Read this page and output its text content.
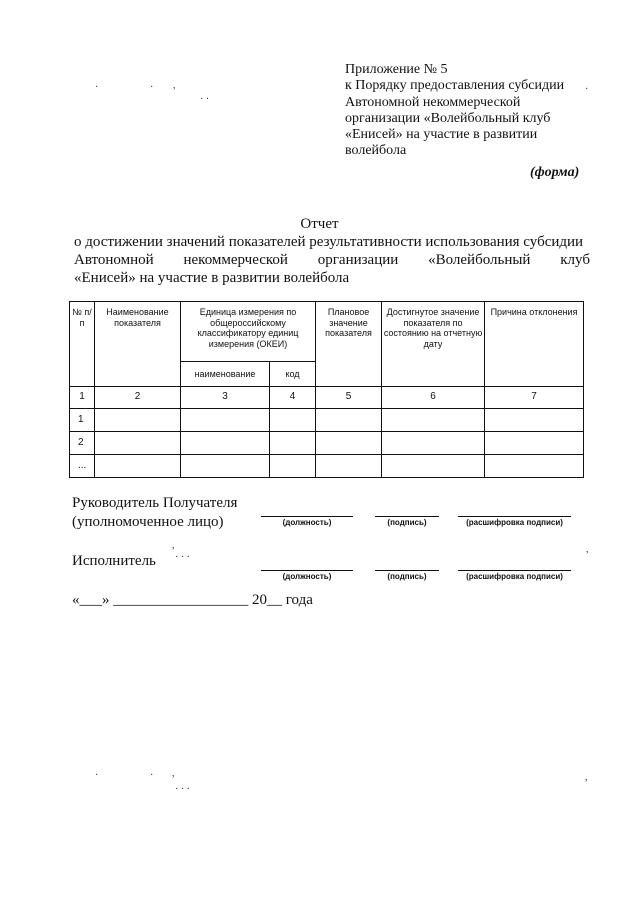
Приложение № 5
к Порядку предоставления субсидии
Автономной некоммерческой
организации «Волейбольный клуб
«Енисей» на участие в развитии
волейбола
(форма)
Отчет
о достижении значений показателей результативности использования субсидии
Автономной некоммерческой организации «Волейбольный клуб
«Енисей» на участие в развитии волейбола
№ п/п	Наименование показателя	Единица измерения по общероссийскому классификатору единиц измерения (ОКЕИ)		Плановое значение показателя	Достигнутое значение показателя по состоянию на отчетную дату	Причина отклонения
		наименование	код			
1	2	3	4	5	6	7
1						
2						
...						
Руководитель Получателя
(уполномоченное лицо)	(должность)	(подпись)	(расшифровка подписи)
Исполнитель
(должность)	(подпись)	(расшифровка подписи)
«___» __________________ 20__ года
·	· ,
· ·
·
,	,
· · ·
·	· ,	,
· · ·
